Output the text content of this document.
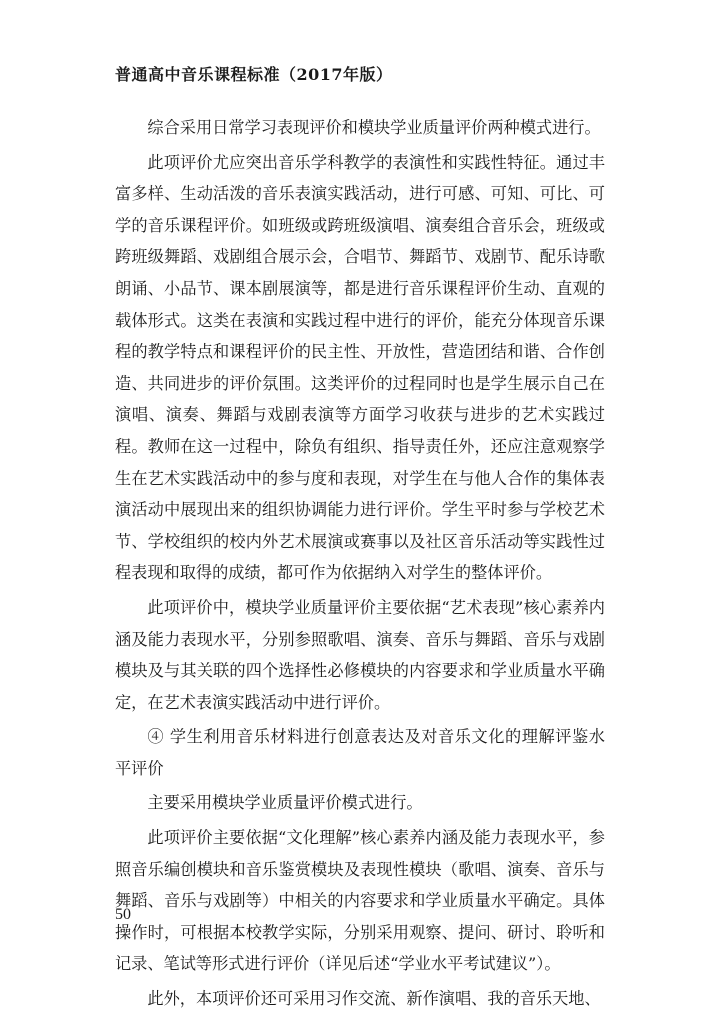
普通高中音乐课程标准（2017年版）

综合采用日常学习表现评价和模块学业质量评价两种模式进行。

此项评价尤应突出音乐学科教学的表演性和实践性特征。通过丰富多样、生动活泼的音乐表演实践活动，进行可感、可知、可比、可学的音乐课程评价。如班级或跨班级演唱、演奏组合音乐会，班级或跨班级舞蹈、戏剧组合展示会，合唱节、舞蹈节、戏剧节、配乐诗歌朗诵、小品节、课本剧展演等，都是进行音乐课程评价生动、直观的载体形式。这类在表演和实践过程中进行的评价，能充分体现音乐课程的教学特点和课程评价的民主性、开放性，营造团结和谐、合作创造、共同进步的评价氛围。这类评价的过程同时也是学生展示自己在演唱、演奏、舞蹈与戏剧表演等方面学习收获与进步的艺术实践过程。教师在这一过程中，除负有组织、指导责任外，还应注意观察学生在艺术实践活动中的参与度和表现，对学生在与他人合作的集体表演活动中展现出来的组织协调能力进行评价。学生平时参与学校艺术节、学校组织的校内外艺术展演或赛事以及社区音乐活动等实践性过程表现和取得的成绩，都可作为依据纳入对学生的整体评价。

此项评价中，模块学业质量评价主要依据“艺术表现”核心素养内涵及能力表现水平，分别参照歌唱、演奏、音乐与舞蹈、音乐与戏剧模块及与其关联的四个选择性必修模块的内容要求和学业质量水平确定，在艺术表演实践活动中进行评价。

④ 学生利用音乐材料进行创意表达及对音乐文化的理解评鉴水平评价

主要采用模块学业质量评价模式进行。

此项评价主要依据“文化理解”核心素养内涵及能力表现水平，参照音乐编创模块和音乐鉴赏模块及表现性模块（歌唱、演奏、音乐与舞蹈、音乐与戏剧等）中相关的内容要求和学业质量水平确定。具体操作时，可根据本校教学实际，分别采用观察、提问、研讨、聆听和记录、笔试等形式进行评价（详见后述“学业水平考试建议”）。

此外，本项评价还可采用习作交流、新作演唱、我的音乐天地、

50
